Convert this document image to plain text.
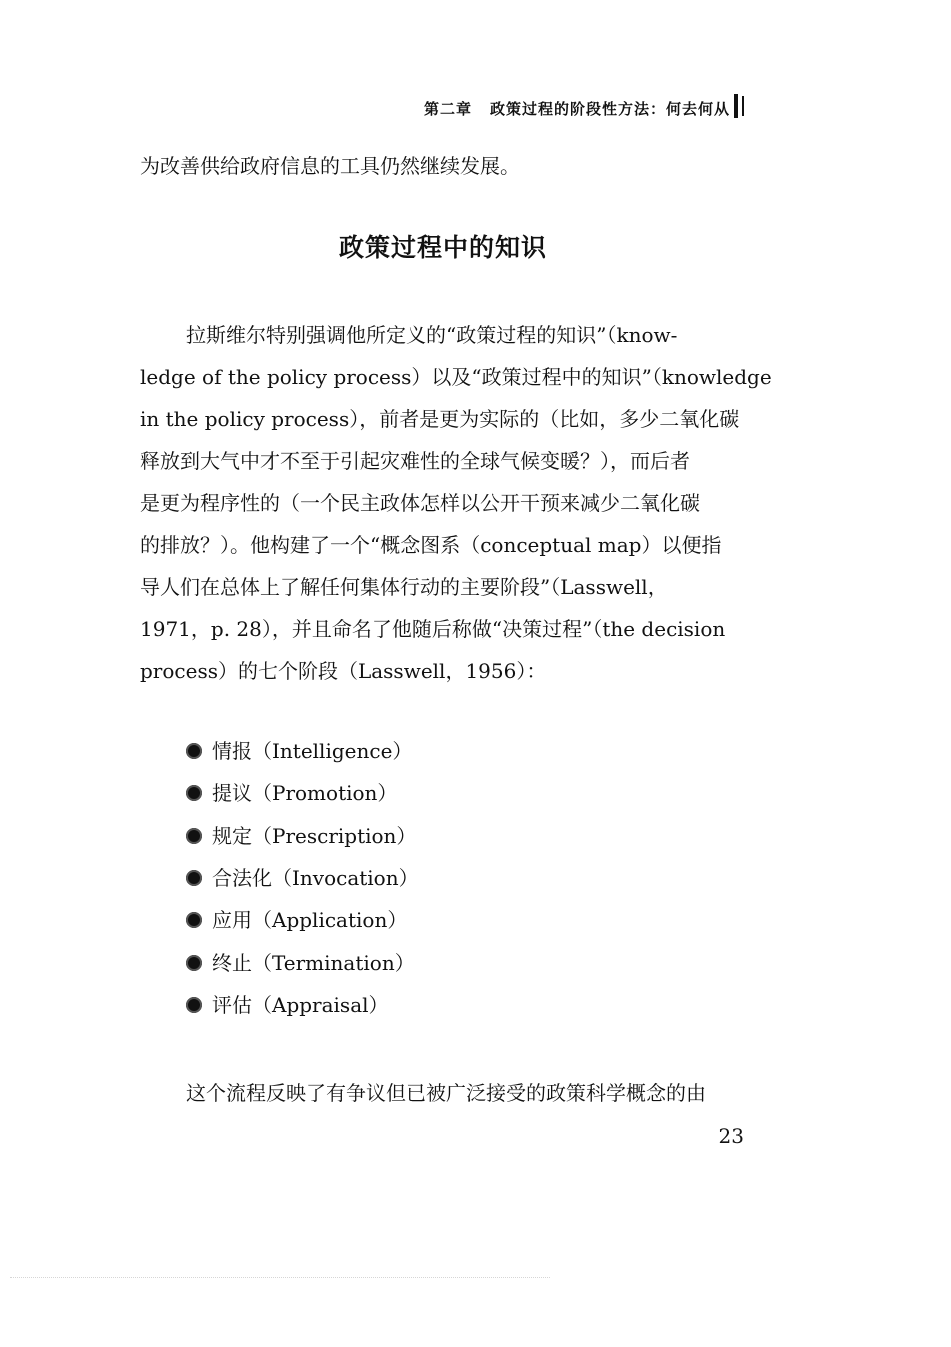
第二章 政策过程的阶段性方法：何去何从
为改善供给政府信息的工具仍然继续发展。
政策过程中的知识
拉斯维尔特别强调他所定义的“政策过程的知识”（know-
ledge of the policy process）以及“政策过程中的知识”（knowledge
in the policy process），前者是更为实际的（比如，多少二氧化碳
释放到大气中才不至于引起灾难性的全球气候变暖？），而后者
是更为程序性的（一个民主政体怎样以公开干预来减少二氧化碳
的排放？）。他构建了一个“概念图系（conceptual map）以便指
导人们在总体上了解任何集体行动的主要阶段”（Lasswell，
1971，p. 28），并且命名了他随后称做“决策过程”（the decision
process）的七个阶段（Lasswell，1956）：
情报（Intelligence）
提议（Promotion）
规定（Prescription）
合法化（Invocation）
应用（Application）
终止（Termination）
评估（Appraisal）
这个流程反映了有争议但已被广泛接受的政策科学概念的由
23
